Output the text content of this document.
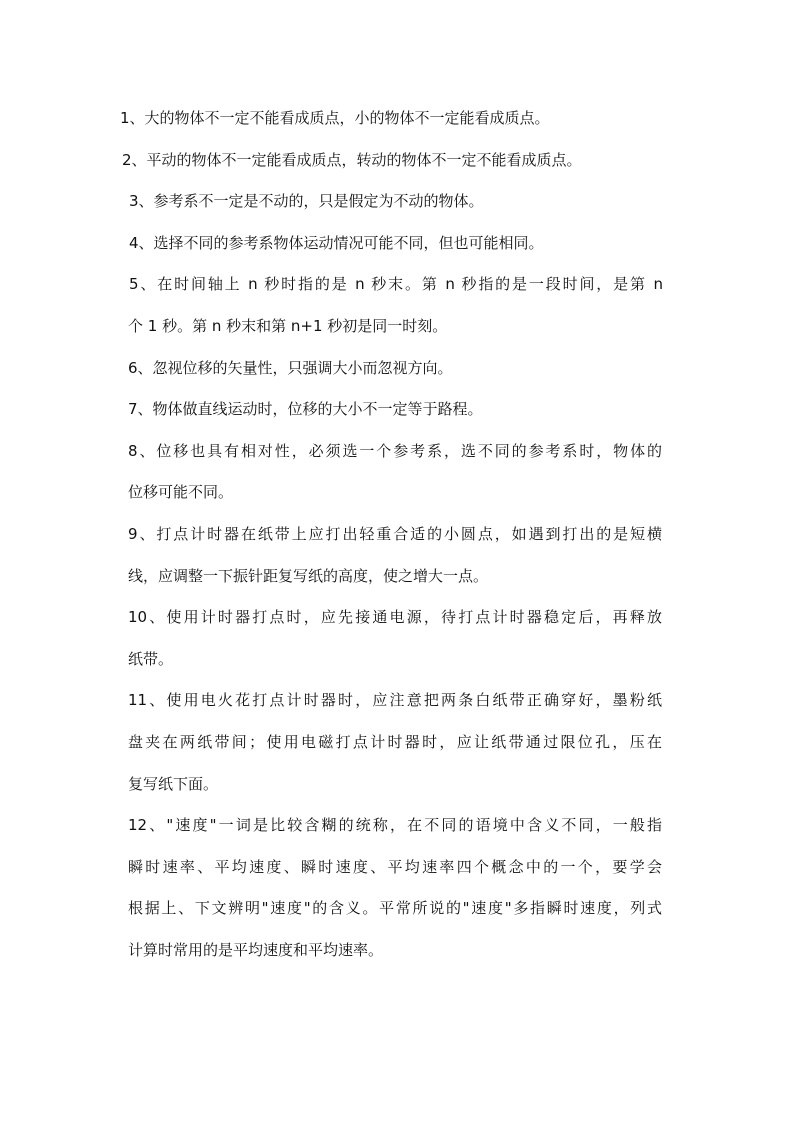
1、大的物体不一定不能看成质点，小的物体不一定能看成质点。
2、平动的物体不一定能看成质点，转动的物体不一定不能看成质点。
3、参考系不一定是不动的，只是假定为不动的物体。
4、选择不同的参考系物体运动情况可能不同，但也可能相同。
5、在时间轴上 n 秒时指的是 n 秒末。第 n 秒指的是一段时间，是第 n
个 1 秒。第 n 秒末和第 n+1 秒初是同一时刻。
6、忽视位移的矢量性，只强调大小而忽视方向。
7、物体做直线运动时，位移的大小不一定等于路程。
8、位移也具有相对性，必须选一个参考系，选不同的参考系时，物体的
位移可能不同。
9、打点计时器在纸带上应打出轻重合适的小圆点，如遇到打出的是短横
线，应调整一下振针距复写纸的高度，使之增大一点。
10、使用计时器打点时，应先接通电源，待打点计时器稳定后，再释放
纸带。
11、使用电火花打点计时器时，应注意把两条白纸带正确穿好，墨粉纸
盘夹在两纸带间；使用电磁打点计时器时，应让纸带通过限位孔，压在
复写纸下面。
12、"速度"一词是比较含糊的统称，在不同的语境中含义不同，一般指
瞬时速率、平均速度、瞬时速度、平均速率四个概念中的一个，要学会
根据上、下文辨明"速度"的含义。平常所说的"速度"多指瞬时速度，列式
计算时常用的是平均速度和平均速率。
